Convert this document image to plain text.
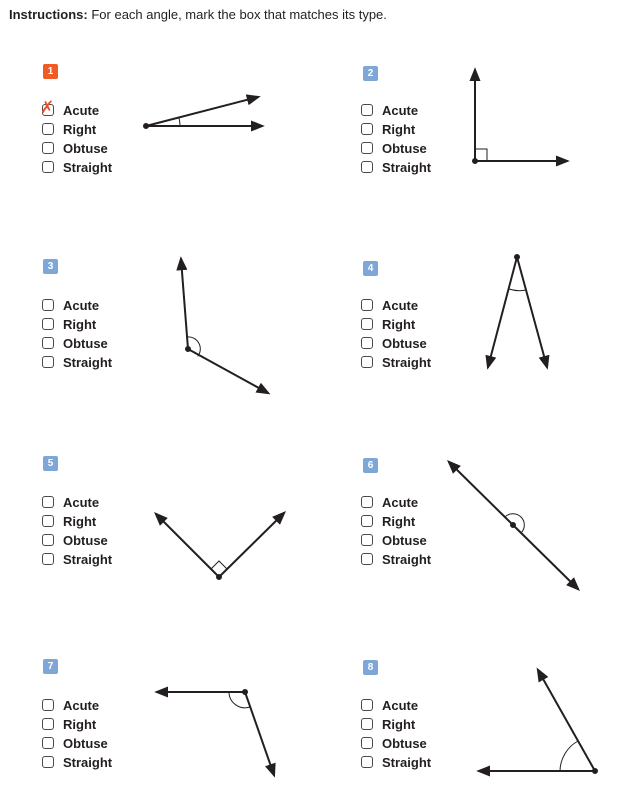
Instructions: For each angle, mark the box that matches its type.
1
✗ Acute
Right
Obtuse
Straight
2
Acute
Right
Obtuse
Straight
3
Acute
Right
Obtuse
Straight
4
Acute
Right
Obtuse
Straight
5
Acute
Right
Obtuse
Straight
6
Acute
Right
Obtuse
Straight
7
Acute
Right
Obtuse
Straight
8
Acute
Right
Obtuse
Straight
